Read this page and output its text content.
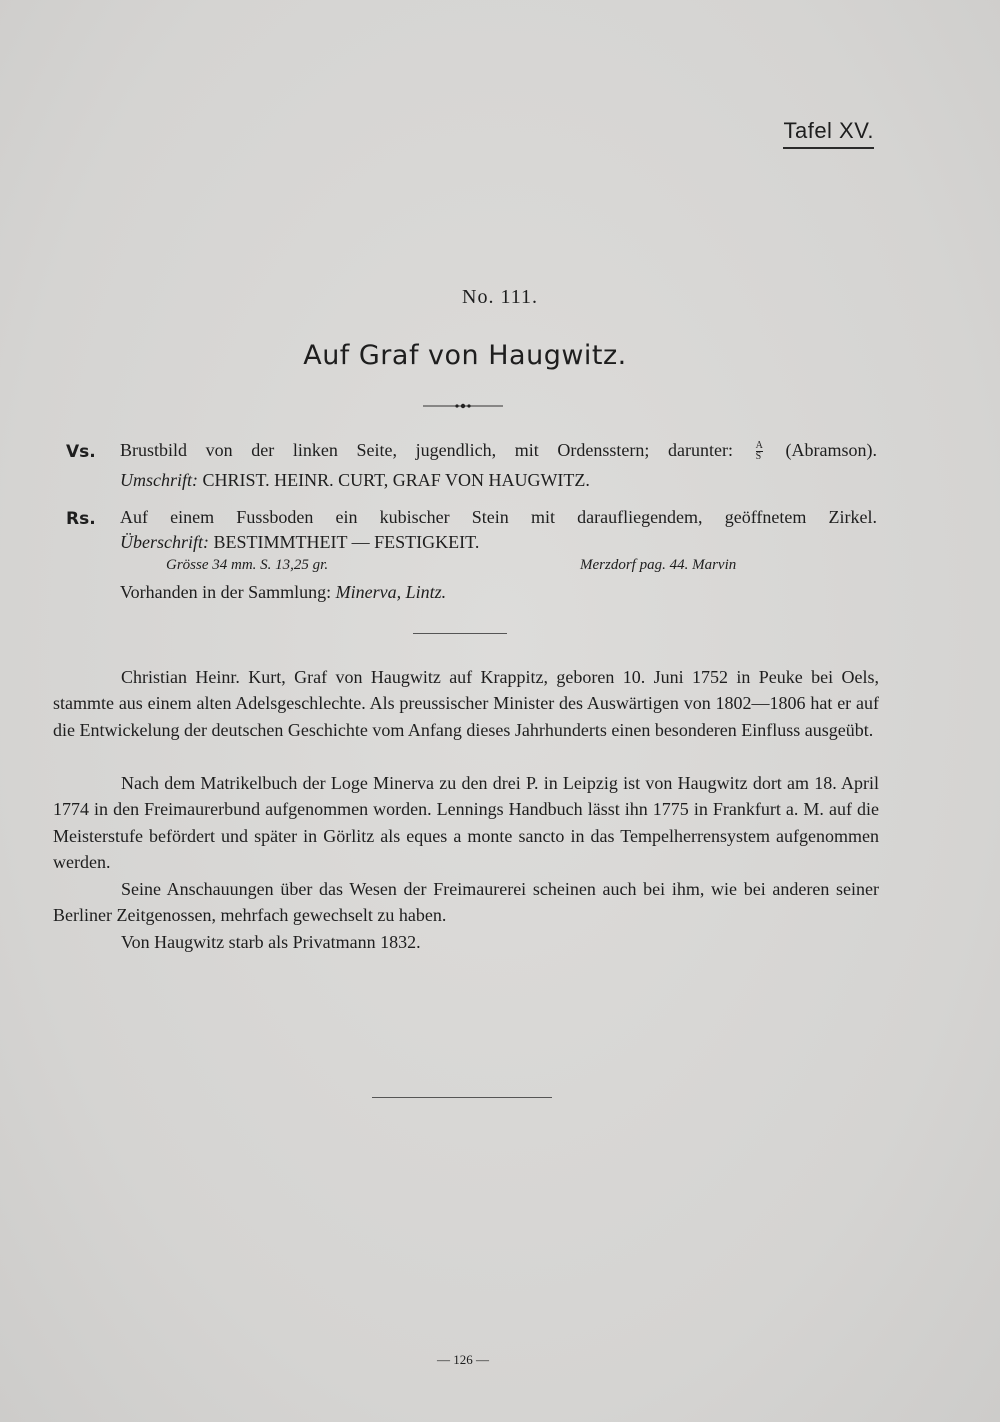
Tafel XV.
No. 111.
Auf Graf von Haugwitz.
Vs. Brustbild von der linken Seite, jugendlich, mit Ordensstern; darunter: $\frac{A}{S}$ (Abramson).
Umschrift: CHRIST. HEINR. CURT, GRAF VON HAUGWITZ.
Rs. Auf einem Fussboden ein kubischer Stein mit daraufliegendem, geöffnetem Zirkel.
Überschrift: BESTIMMTHEIT — FESTIGKEIT.
Grösse 34 mm. S. 13,25 gr.	Merzdorf pag. 44. Marvin
Vorhanden in der Sammlung: Minerva, Lintz.
Christian Heinr. Kurt, Graf von Haugwitz auf Krappitz, geboren 10. Juni 1752 in Peuke bei Oels, stammte aus einem alten Adelsgeschlechte. Als preussischer Minister des Auswärtigen von 1802—1806 hat er auf die Entwickelung der deutschen Geschichte vom Anfang dieses Jahrhunderts einen besonderen Einfluss ausgeübt.
Nach dem Matrikelbuch der Loge Minerva zu den drei P. in Leipzig ist von Haugwitz dort am 18. April 1774 in den Freimaurerbund aufgenommen worden. Lennings Handbuch lässt ihn 1775 in Frankfurt a. M. auf die Meisterstufe befördert und später in Görlitz als eques a monte sancto in das Tempelherrensystem aufgenommen werden.
Seine Anschauungen über das Wesen der Freimaurerei scheinen auch bei ihm, wie bei anderen seiner Berliner Zeitgenossen, mehrfach gewechselt zu haben.
Von Haugwitz starb als Privatmann 1832.
— 126 —
